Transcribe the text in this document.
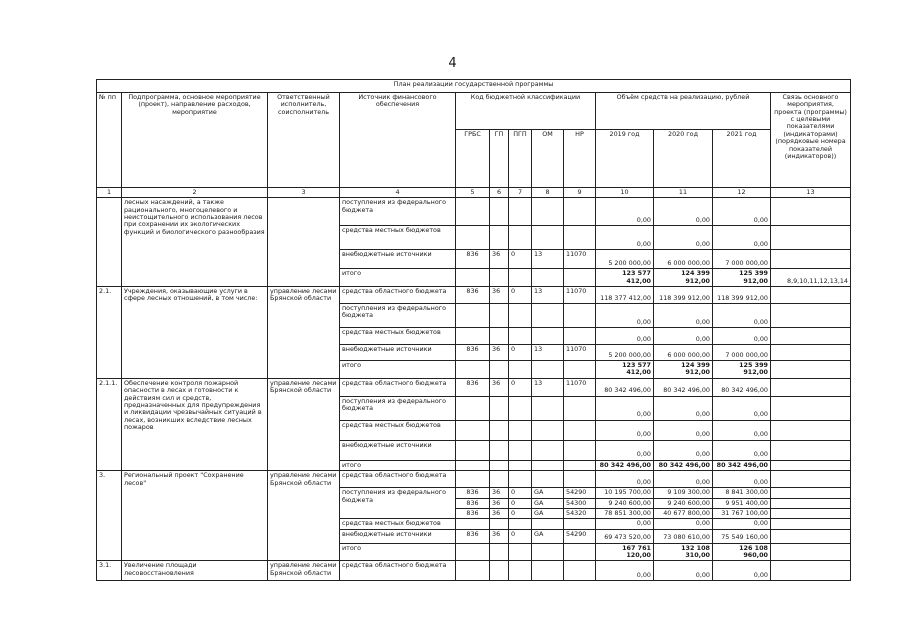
4
План реализации государственной программы												
№ пп	Подпрограмма, основное мероприятие (проект), направление расходов, мероприятие	Ответственный исполнитель, соисполнитель	Источник финансового обеспечения	Код бюджетной классификации					Объём средств на реализацию, рублей			Связь основного мероприятия, проекта (программы) с целевыми показателями (индикаторами) (порядковые номера показателей (индикаторов))
				ГРБС	ГП	ПГП	ОМ	НР	2019 год	2020 год	2021 год	
1	2	3	4	5	6	7	8	9	10	11	12	13
	лесных насаждений, а также рационального, многоцелевого и неистощительного использования лесов при сохранении их экологических функций и биологического разнообразия		поступления из федерального бюджета						0,00	0,00	0,00	
			средства местных бюджетов						0,00	0,00	0,00	
			внебюджетные источники	836	36	0	13	11070	5 200 000,00	6 000 000,00	7 000 000,00	
			итого						123 577 412,00	124 399 912,00	125 399 912,00	8,9,10,11,12,13,14
2.1.	Учреждения, оказывающие услуги в сфере лесных отношений, в том числе:	управление лесами Брянской области	средства областного бюджета	836	36	0	13	11070	118 377 412,00	118 399 912,00	118 399 912,00	
			поступления из федерального бюджета						0,00	0,00	0,00	
			средства местных бюджетов						0,00	0,00	0,00	
			внебюджетные источники	836	36	0	13	11070	5 200 000,00	6 000 000,00	7 000 000,00	
			итого						123 577 412,00	124 399 912,00	125 399 912,00	
2.1.1.	Обеспечение контроля пожарной опасности в лесах и готовности к действиям сил и средств, предназначенных для предупреждения и ликвидации чрезвычайных ситуаций в лесах, возникших вследствие лесных пожаров	управление лесами Брянской области	средства областного бюджета	836	36	0	13	11070	80 342 496,00	80 342 496,00	80 342 496,00	
			поступления из федерального бюджета						0,00	0,00	0,00	
			средства местных бюджетов						0,00	0,00	0,00	
			внебюджетные источники						0,00	0,00	0,00	
			итого						80 342 496,00	80 342 496,00	80 342 496,00	
3.	Региональный проект "Сохранение лесов"	управление лесами Брянской области	средства областного бюджета						0,00	0,00	0,00	
			поступления из федерального бюджета	836	36	0	GA	54290	10 195 700,00	9 109 300,00	8 841 300,00	
				836	36	0	GA	54300	9 240 600,00	9 240 600,00	9 951 400,00	
				836	36	0	GA	54320	78 851 300,00	40 677 800,00	31 767 100,00	
			средства местных бюджетов						0,00	0,00	0,00	
			внебюджетные источники	836	36	0	GA	54290	69 473 520,00	73 080 610,00	75 549 160,00	
			итого						167 761 120,00	132 108 310,00	126 108 960,00	
3.1.	Увеличение площади лесовосстановления	управление лесами Брянской области	средства областного бюджета						0,00	0,00	0,00	
